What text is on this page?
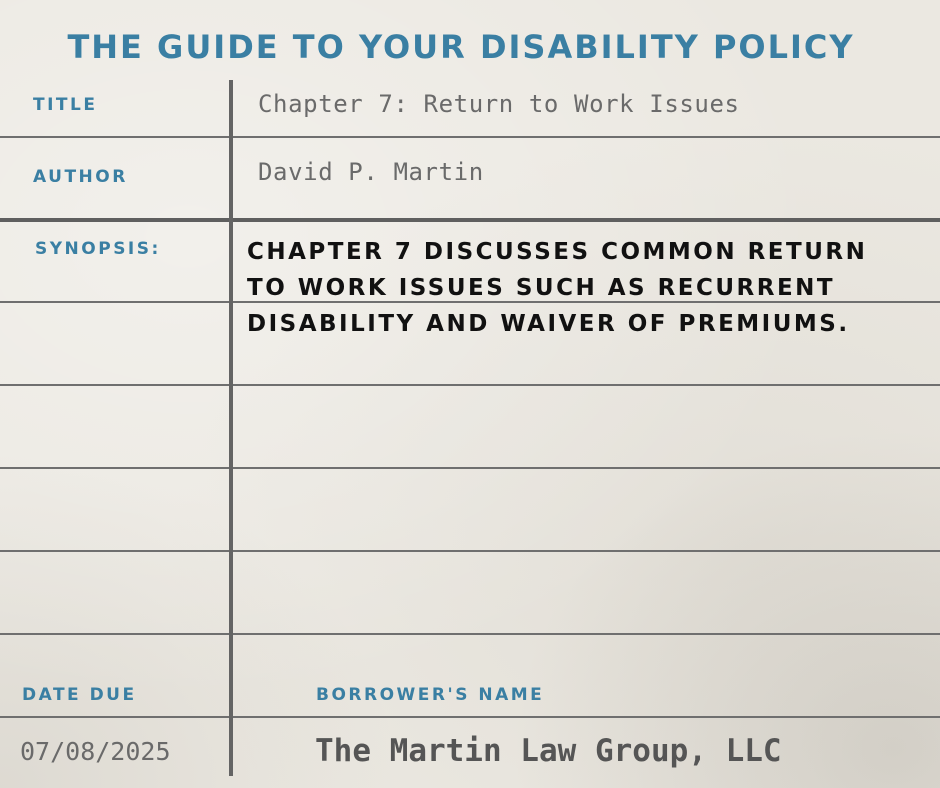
THE GUIDE TO YOUR DISABILITY POLICY
TITLE	Chapter 7: Return to Work Issues
AUTHOR	David P. Martin
SYNOPSIS:	CHAPTER 7 DISCUSSES COMMON RETURN TO WORK ISSUES SUCH AS RECURRENT DISABILITY AND WAIVER OF PREMIUMS.
DATE DUE	BORROWER'S NAME
07/08/2025	The Martin Law Group, LLC
